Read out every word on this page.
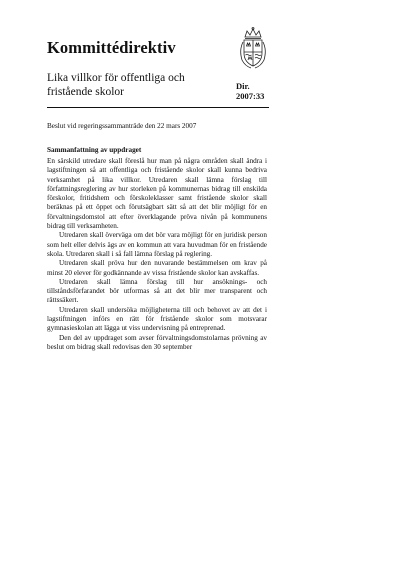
Kommittédirektiv
Lika villkor för offentliga och fristående skolor	Dir.
2007:33
Beslut vid regeringssammanträde den 22 mars 2007
Sammanfattning av uppdraget

En särskild utredare skall föreslå hur man på några områden skall ändra i lagstiftningen så att offentliga och fristående skolor skall kunna bedriva verksamhet på lika villkor. Utredaren skall lämna förslag till författningsreglering av hur storleken på kommunernas bidrag till enskilda förskolor, fritidshem och förskoleklasser samt fristående skolor skall beräknas på ett öppet och förutsägbart sätt så att det blir möjligt för en förvaltningsdomstol att efter överklagande pröva nivån på kommunens bidrag till verksamheten.

Utredaren skall överväga om det bör vara möjligt för en juridisk person som helt eller delvis ägs av en kommun att vara huvudman för en fristående skola. Utredaren skall i så fall lämna förslag på reglering.

Utredaren skall pröva hur den nuvarande bestämmelsen om krav på minst 20 elever för godkännande av vissa fristående skolor kan avskaffas.

Utredaren skall lämna förslag till hur ansöknings- och tillståndsförfarandet bör utformas så att det blir mer transparent och rättssäkert.

Utredaren skall undersöka möjligheterna till och behovet av att det i lagstiftningen införs en rätt för fristående skolor som motsvarar gymnasieskolan att lägga ut viss undervisning på entreprenad.

Den del av uppdraget som avser förvaltningsdomstolarnas prövning av beslut om bidrag skall redovisas den 30 september
